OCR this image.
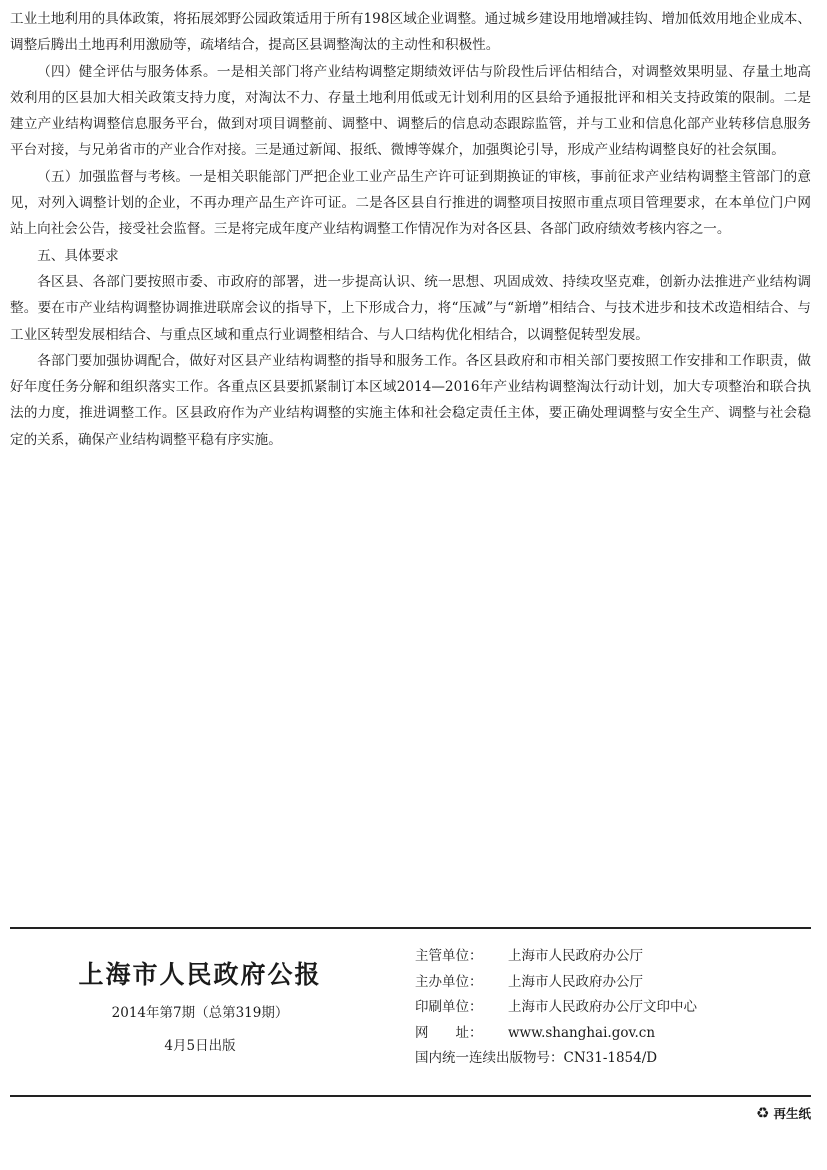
工业土地利用的具体政策，将拓展郊野公园政策适用于所有198区域企业调整。通过城乡建设用地增减挂钩、增加低效用地企业成本、调整后腾出土地再利用激励等，疏堵结合，提高区县调整淘汰的主动性和积极性。

（四）健全评估与服务体系。一是相关部门将产业结构调整定期绩效评估与阶段性后评估相结合，对调整效果明显、存量土地高效利用的区县加大相关政策支持力度，对淘汰不力、存量土地利用低或无计划利用的区县给予通报批评和相关支持政策的限制。二是建立产业结构调整信息服务平台，做到对项目调整前、调整中、调整后的信息动态跟踪监管，并与工业和信息化部产业转移信息服务平台对接，与兄弟省市的产业合作对接。三是通过新闻、报纸、微博等媒介，加强舆论引导，形成产业结构调整良好的社会氛围。

（五）加强监督与考核。一是相关职能部门严把企业工业产品生产许可证到期换证的审核，事前征求产业结构调整主管部门的意见，对列入调整计划的企业，不再办理产品生产许可证。二是各区县自行推进的调整项目按照市重点项目管理要求，在本单位门户网站上向社会公告，接受社会监督。三是将完成年度产业结构调整工作情况作为对各区县、各部门政府绩效考核内容之一。

五、具体要求

各区县、各部门要按照市委、市政府的部署，进一步提高认识、统一思想、巩固成效、持续攻坚克难，创新办法推进产业结构调整。要在市产业结构调整协调推进联席会议的指导下，上下形成合力，将“压减”与“新增”相结合、与技术进步和技术改造相结合、与工业区转型发展相结合、与重点区域和重点行业调整相结合、与人口结构优化相结合，以调整促转型发展。

各部门要加强协调配合，做好对区县产业结构调整的指导和服务工作。各区县政府和市相关部门要按照工作安排和工作职责，做好年度任务分解和组织落实工作。各重点区县要抓紧制订本区域2014—2016年产业结构调整淘汰行动计划，加大专项整治和联合执法的力度，推进调整工作。区县政府作为产业结构调整的实施主体和社会稳定责任主体，要正确处理调整与安全生产、调整与社会稳定的关系，确保产业结构调整平稳有序实施。

上海市人民政府公报

2014年第7期（总第319期）

4月5日出版

主管单位：	上海市人民政府办公厅
主办单位：	上海市人民政府办公厅
印刷单位：	上海市人民政府办公厅文印中心
网　　址：	www.shanghai.gov.cn
国内统一连续出版物号： CN31-1854/D
♻ 再生纸
